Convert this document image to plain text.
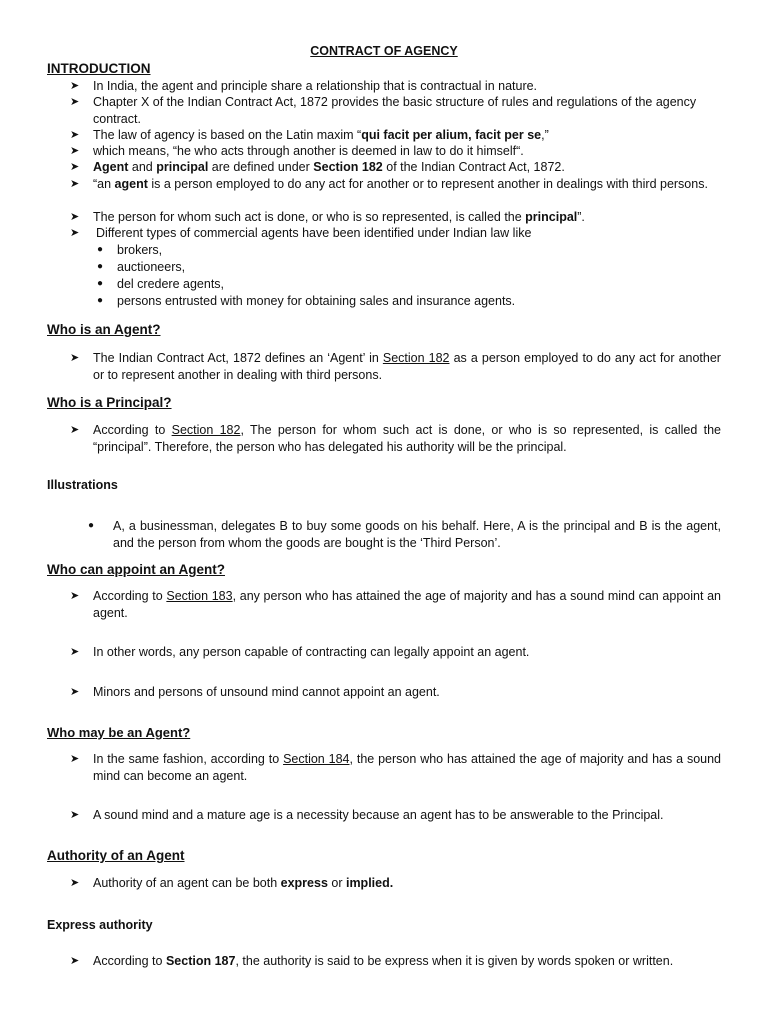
CONTRACT OF AGENCY
INTRODUCTION
➤	In India, the agent and principle share a relationship that is contractual in nature.
➤	Chapter X of the Indian Contract Act, 1872 provides the basic structure of rules and regulations of the agency contract.
➤	The law of agency is based on the Latin maxim “qui facit per alium, facit per se,”
➤	which means, “he who acts through another is deemed in law to do it himself“.
➤	Agent and principal are defined under Section 182 of the Indian Contract Act, 1872.
➤	“an agent is a person employed to do any act for another or to represent another in dealings with third persons.
➤	The person for whom such act is done, or who is so represented, is called the principal”.
➤	Different types of commercial agents have been identified under Indian law like
● brokers,
● auctioneers,
● del credere agents,
● persons entrusted with money for obtaining sales and insurance agents.
Who is an Agent?
➤	The Indian Contract Act, 1872 defines an ‘Agent’ in Section 182 as a person employed to do any act for another or to represent another in dealing with third persons.
Who is a Principal?
➤	According to Section 182, The person for whom such act is done, or who is so represented, is called the “principal”. Therefore, the person who has delegated his authority will be the principal.
Illustrations
● A, a businessman, delegates B to buy some goods on his behalf. Here, A is the principal and B is the agent, and the person from whom the goods are bought is the ‘Third Person’.
Who can appoint an Agent?
➤	According to Section 183, any person who has attained the age of majority and has a sound mind can appoint an agent.
➤	In other words, any person capable of contracting can legally appoint an agent.
➤	Minors and persons of unsound mind cannot appoint an agent.
Who may be an Agent?
➤	In the same fashion, according to Section 184, the person who has attained the age of majority and has a sound mind can become an agent.
➤	A sound mind and a mature age is a necessity because an agent has to be answerable to the Principal.
Authority of an Agent
➤	Authority of an agent can be both express or implied.
Express authority
➤	According to Section 187, the authority is said to be express when it is given by words spoken or written.
